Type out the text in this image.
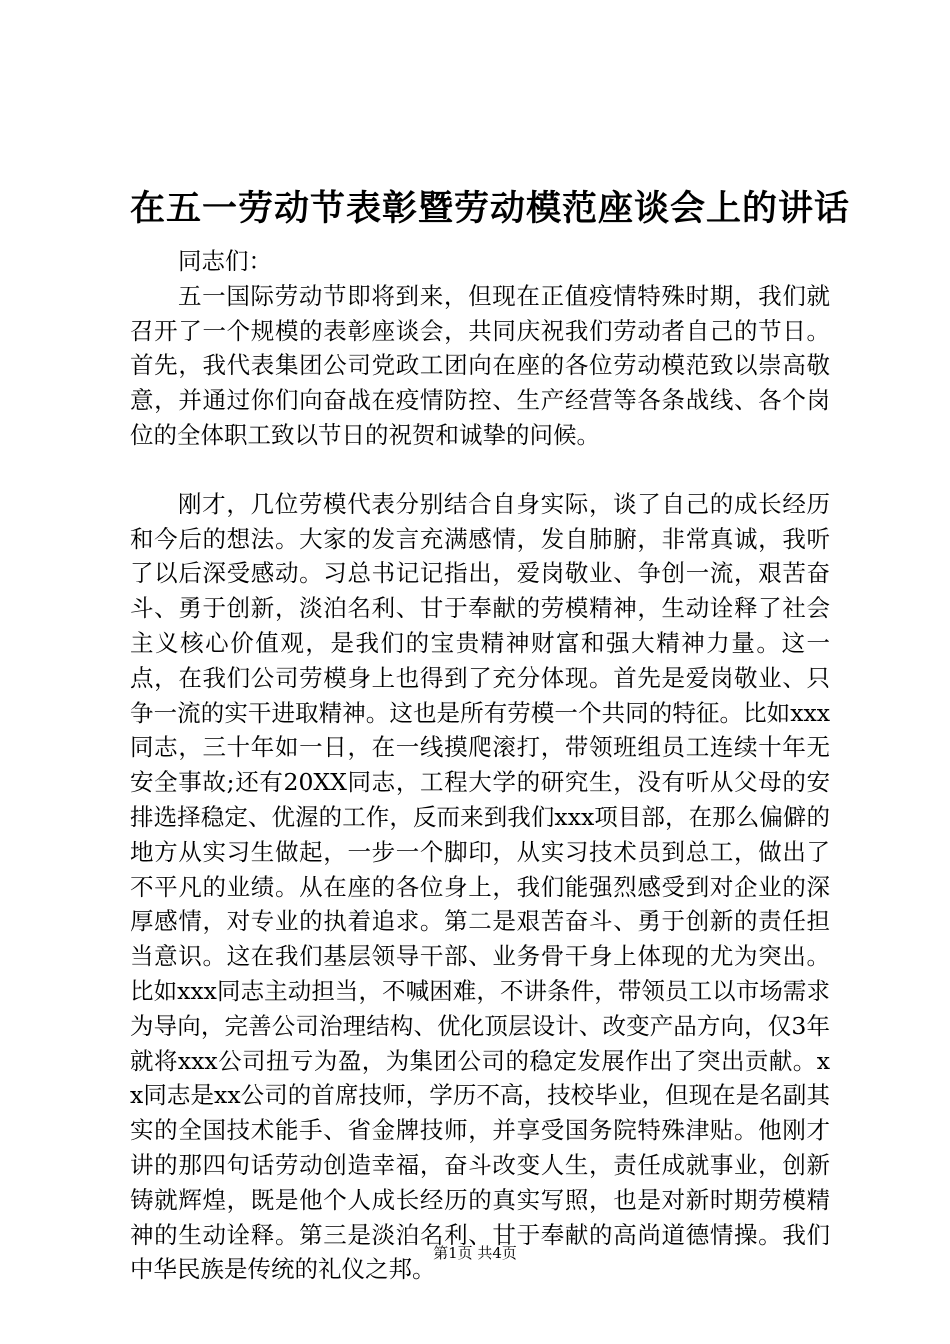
在五一劳动节表彰暨劳动模范座谈会上的讲话

同志们：

五一国际劳动节即将到来，但现在正值疫情特殊时期，我们就召开了一个规模的表彰座谈会，共同庆祝我们劳动者自己的节日。首先，我代表集团公司党政工团向在座的各位劳动模范致以崇高敬意，并通过你们向奋战在疫情防控、生产经营等各条战线、各个岗位的全体职工致以节日的祝贺和诚挚的问候。

刚才，几位劳模代表分别结合自身实际，谈了自己的成长经历和今后的想法。大家的发言充满感情，发自肺腑，非常真诚，我听了以后深受感动。习总书记记指出，爱岗敬业、争创一流，艰苦奋斗、勇于创新，淡泊名利、甘于奉献的劳模精神，生动诠释了社会主义核心价值观，是我们的宝贵精神财富和强大精神力量。这一点，在我们公司劳模身上也得到了充分体现。首先是爱岗敬业、只争一流的实干进取精神。这也是所有劳模一个共同的特征。比如xxx同志，三十年如一日，在一线摸爬滚打，带领班组员工连续十年无安全事故;还有20XX同志，工程大学的研究生，没有听从父母的安排选择稳定、优渥的工作，反而来到我们xxx项目部，在那么偏僻的地方从实习生做起，一步一个脚印，从实习技术员到总工，做出了不平凡的业绩。从在座的各位身上，我们能强烈感受到对企业的深厚感情，对专业的执着追求。第二是艰苦奋斗、勇于创新的责任担当意识。这在我们基层领导干部、业务骨干身上体现的尤为突出。比如xxx同志主动担当，不喊困难，不讲条件，带领员工以市场需求为导向，完善公司治理结构、优化顶层设计、改变产品方向，仅3年就将xxx公司扭亏为盈，为集团公司的稳定发展作出了突出贡献。xx同志是xx公司的首席技师，学历不高，技校毕业，但现在是名副其实的全国技术能手、省金牌技师，并享受国务院特殊津贴。他刚才讲的那四句话劳动创造幸福，奋斗改变人生，责任成就事业，创新铸就辉煌，既是他个人成长经历的真实写照，也是对新时期劳模精神的生动诠释。第三是淡泊名利、甘于奉献的高尚道德情操。我们中华民族是传统的礼仪之邦。

第1页 共4页
